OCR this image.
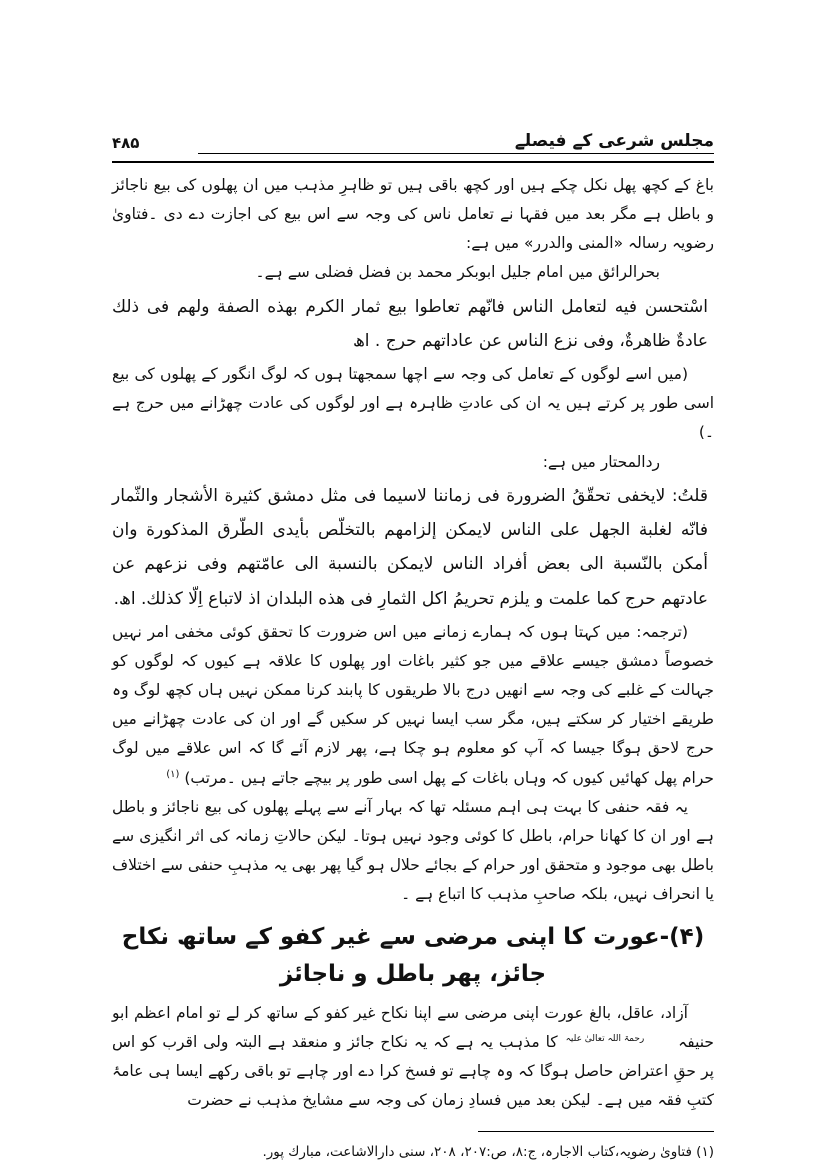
مجلس شرعی کے فیصلے
۴۸۵

باغ کے کچھ پھل نکل چکے ہیں اور کچھ باقی ہیں تو ظاہرِ مذہب میں ان پھلوں کی بیع ناجائز و باطل ہے مگر بعد میں فقہا نے تعامل ناس کی وجہ سے اس بیع کی اجازت دے دی ۔فتاویٰ رضویہ رسالہ «المنی والدرر» میں ہے:

بحرالرائق میں امام جلیل ابوبکر محمد بن فضل فضلی سے ہے۔

اسْتحسن فيه لتعامل الناس فانّهم تعاطوا بيع ثمار الكرم بهذه الصفة ولهم فى ذلك عادةٌ ظاهرةٌ، وفى نزع الناس عن عاداتهم حرج . اھ

(میں اسے لوگوں کے تعامل کی وجہ سے اچھا سمجھتا ہوں کہ لوگ انگور کے پھلوں کی بیع اسی طور پر کرتے ہیں یہ ان کی عادتِ ظاہرہ ہے اور لوگوں کی عادت چھڑانے میں حرج ہے ۔)

ردالمحتار میں ہے:

قلتُ: لايخفى تحقّقُ الضرورة فى زماننا لاسيما فى مثل دمشق كثيرة الأشجار والثّمار فانّه لغلبة الجهل على الناس لايمكن إلزامهم بالتخلّص بأيدى الطّرق المذكورة وان أمكن بالنّسبة الى بعض أفراد الناس لايمكن بالنسبة الى عامّتهم وفى نزعهم عن عادتهم حرج كما علمت و يلزم تحريمُ اكل الثمارِ فى هذه البلدان اذ لاتباع اِلّا كذلك. اھ.

(ترجمہ: میں کہتا ہوں کہ ہمارے زمانے میں اس ضرورت کا تحقق کوئی مخفی امر نہیں خصوصاً دمشق جیسے علاقے میں جو کثیر باغات اور پھلوں کا علاقہ ہے کیوں کہ لوگوں کو جہالت کے غلبے کی وجہ سے انھیں درج بالا طریقوں کا پابند کرنا ممکن نہیں ہاں کچھ لوگ وہ طریقے اختیار کر سکتے ہیں، مگر سب ایسا نہیں کر سکیں گے اور ان کی عادت چھڑانے میں حرج لاحق ہوگا جیسا کہ آپ کو معلوم ہو چکا ہے، پھر لازم آئے گا کہ اس علاقے میں لوگ حرام پھل کھائیں کیوں کہ وہاں باغات کے پھل اسی طور پر بیچے جاتے ہیں ۔مرتب) $^{(۱)}$

یہ فقہ حنفی کا بہت ہی اہم مسئلہ تھا کہ بہار آنے سے پہلے پھلوں کی بیع ناجائز و باطل ہے اور ان کا کھانا حرام، باطل کا کوئی وجود نہیں ہوتا۔ لیکن حالاتِ زمانہ کی اثر انگیزی سے باطل بھی موجود و متحقق اور حرام کے بجائے حلال ہو گیا پھر بھی یہ مذہبِ حنفی سے اختلاف یا انحراف نہیں، بلکہ صاحبِ مذہب کا اتباع ہے ۔

(۴)-عورت کا اپنی مرضی سے غیر کفو کے ساتھ نکاح جائز، پھر باطل و ناجائز

آزاد، عاقل، بالغ عورت اپنی مرضی سے اپنا نکاح غیر کفو کے ساتھ کر لے تو امام اعظم ابو حنیفہ رحمۃ اللہ تعالیٰ علیہ کا مذہب یہ ہے کہ یہ نکاح جائز و منعقد ہے البتہ ولی اقرب کو اس پر حقِ اعتراض حاصل ہوگا کہ وہ چاہے تو فسخ کرا دے اور چاہے تو باقی رکھے ایسا ہی عامۂ کتبِ فقہ میں ہے۔ لیکن بعد میں فسادِ زمان کی وجہ سے مشایخ مذہب نے حضرت

(۱) فتاویٰ رضویہ،کتاب الاجارہ، ج:۸، ص:۲۰۷، ۲۰۸، سنی دارالاشاعت، مبارك پور.
